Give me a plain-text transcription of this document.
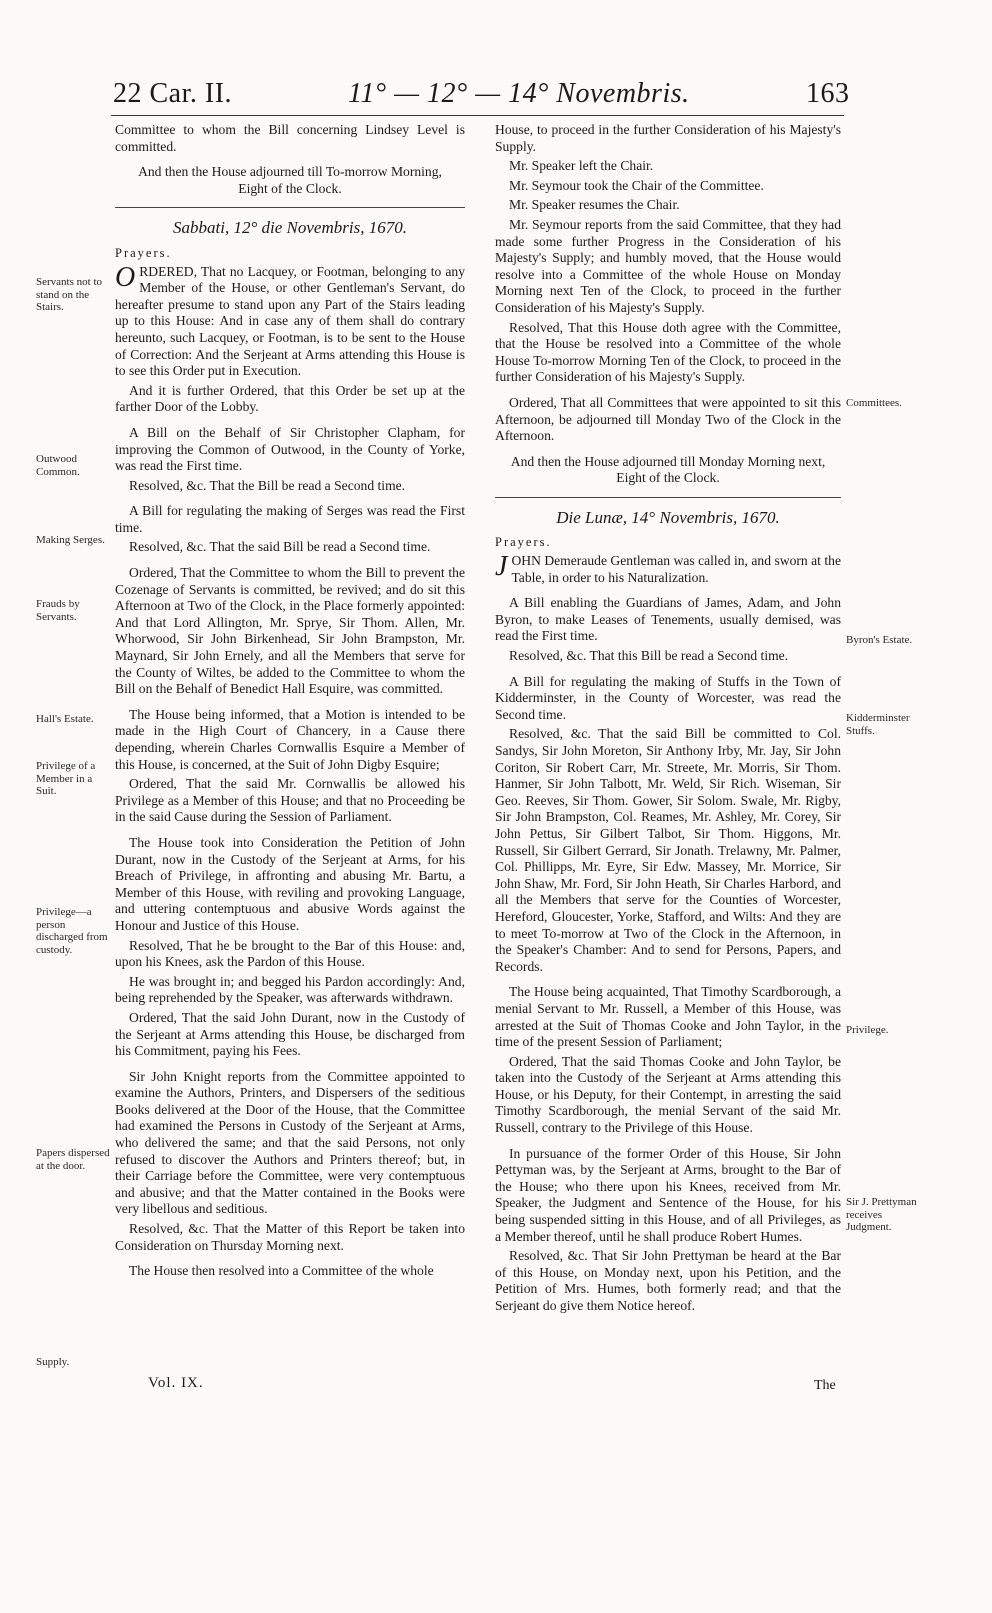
22 Car. II.	11° — 12° — 14° Novembris.	163

Committee to whom the Bill concerning Lindsey Level is committed.

And then the House adjourned till To-morrow Morning, Eight of the Clock.

Sabbati, 12° die Novembris, 1670.
Prayers.

ORDERED, That no Lacquey, or Footman, belonging to any Member of the House, or other Gentleman's Servant, do hereafter presume to stand upon any Part of the Stairs leading up to this House: And in case any of them shall do contrary hereunto, such Lacquey, or Footman, is to be sent to the House of Correction: And the Serjeant at Arms attending this House is to see this Order put in Execution.

And it is further Ordered, that this Order be set up at the farther Door of the Lobby.

A Bill on the Behalf of Sir Christopher Clapham, for improving the Common of Outwood, in the County of Yorke, was read the First time.

Resolved, &c. That the Bill be read a Second time.

A Bill for regulating the making of Serges was read the First time.

Resolved, &c. That the said Bill be read a Second time.

Ordered, That the Committee to whom the Bill to prevent the Cozenage of Servants is committed, be revived; and do sit this Afternoon at Two of the Clock, in the Place formerly appointed: And that Lord Allington, Mr. Sprye, Sir Thom. Allen, Mr. Whorwood, Sir John Birkenhead, Sir John Brampston, Mr. Maynard, Sir John Ernely, and all the Members that serve for the County of Wiltes, be added to the Committee to whom the Bill on the Behalf of Benedict Hall Esquire, was committed.

The House being informed, that a Motion is intended to be made in the High Court of Chancery, in a Cause there depending, wherein Charles Cornwallis Esquire a Member of this House, is concerned, at the Suit of John Digby Esquire;

Ordered, That the said Mr. Cornwallis be allowed his Privilege as a Member of this House; and that no Proceeding be in the said Cause during the Session of Parliament.

The House took into Consideration the Petition of John Durant, now in the Custody of the Serjeant at Arms, for his Breach of Privilege, in affronting and abusing Mr. Bartu, a Member of this House, with reviling and provoking Language, and uttering contemptuous and abusive Words against the Honour and Justice of this House.

Resolved, That he be brought to the Bar of this House: and, upon his Knees, ask the Pardon of this House.

He was brought in; and begged his Pardon accordingly: And, being reprehended by the Speaker, was afterwards withdrawn.

Ordered, That the said John Durant, now in the Custody of the Serjeant at Arms attending this House, be discharged from his Commitment, paying his Fees.

Sir John Knight reports from the Committee appointed to examine the Authors, Printers, and Dispersers of the seditious Books delivered at the Door of the House, that the Committee had examined the Persons in Custody of the Serjeant at Arms, who delivered the same; and that the said Persons, not only refused to discover the Authors and Printers thereof; but, in their Carriage before the Committee, were very contemptuous and abusive; and that the Matter contained in the Books were very libellous and seditious.

Resolved, &c. That the Matter of this Report be taken into Consideration on Thursday Morning next.

The House then resolved into a Committee of the whole

House, to proceed in the further Consideration of his Majesty's Supply.

Mr. Speaker left the Chair.

Mr. Seymour took the Chair of the Committee.

Mr. Speaker resumes the Chair.

Mr. Seymour reports from the said Committee, that they had made some further Progress in the Consideration of his Majesty's Supply; and humbly moved, that the House would resolve into a Committee of the whole House on Monday Morning next Ten of the Clock, to proceed in the further Consideration of his Majesty's Supply.

Resolved, That this House doth agree with the Committee, that the House be resolved into a Committee of the whole House To-morrow Morning Ten of the Clock, to proceed in the further Consideration of his Majesty's Supply.

Ordered, That all Committees that were appointed to sit this Afternoon, be adjourned till Monday Two of the Clock in the Afternoon.

And then the House adjourned till Monday Morning next, Eight of the Clock.

Die Lunæ, 14° Novembris, 1670.
Prayers.

JOHN Demeraude Gentleman was called in, and sworn at the Table, in order to his Naturalization.

A Bill enabling the Guardians of James, Adam, and John Byron, to make Leases of Tenements, usually demised, was read the First time.

Resolved, &c. That this Bill be read a Second time.

A Bill for regulating the making of Stuffs in the Town of Kidderminster, in the County of Worcester, was read the Second time.

Resolved, &c. That the said Bill be committed to Col. Sandys, Sir John Moreton, Sir Anthony Irby, Mr. Jay, Sir John Coriton, Sir Robert Carr, Mr. Streete, Mr. Morris, Sir Thom. Hanmer, Sir John Talbott, Mr. Weld, Sir Rich. Wiseman, Sir Geo. Reeves, Sir Thom. Gower, Sir Solom. Swale, Mr. Rigby, Sir John Brampston, Col. Reames, Mr. Ashley, Mr. Corey, Sir John Pettus, Sir Gilbert Talbot, Sir Thom. Higgons, Mr. Russell, Sir Gilbert Gerrard, Sir Jonath. Trelawny, Mr. Palmer, Col. Phillipps, Mr. Eyre, Sir Edw. Massey, Mr. Morrice, Sir John Shaw, Mr. Ford, Sir John Heath, Sir Charles Harbord, and all the Members that serve for the Counties of Worcester, Hereford, Gloucester, Yorke, Stafford, and Wilts: And they are to meet To-morrow at Two of the Clock in the Afternoon, in the Speaker's Chamber: And to send for Persons, Papers, and Records.

The House being acquainted, That Timothy Scardborough, a menial Servant to Mr. Russell, a Member of this House, was arrested at the Suit of Thomas Cooke and John Taylor, in the time of the present Session of Parliament;

Ordered, That the said Thomas Cooke and John Taylor, be taken into the Custody of the Serjeant at Arms attending this House, or his Deputy, for their Contempt, in arresting the said Timothy Scardborough, the menial Servant of the said Mr. Russell, contrary to the Privilege of this House.

In pursuance of the former Order of this House, Sir John Pettyman was, by the Serjeant at Arms, brought to the Bar of the House; who there upon his Knees, received from Mr. Speaker, the Judgment and Sentence of the House, for his being suspended sitting in this House, and of all Privileges, as a Member thereof, until he shall produce Robert Humes.

Resolved, &c. That Sir John Prettyman be heard at the Bar of this House, on Monday next, upon his Petition, and the Petition of Mrs. Humes, both formerly read; and that the Serjeant do give them Notice hereof.

Servants not to stand on the Stairs.
Outwood Common.
Making Serges.
Frauds by Servants.
Hall's Estate.
Privilege of a Member in a Suit.
Privilege—a person discharged from custody.
Papers dispersed at the door.
Supply.
Committees.
Byron's Estate.
Kidderminster Stuffs.
Privilege.
Sir J. Prettyman receives Judgment.
Vol. IX.	The
